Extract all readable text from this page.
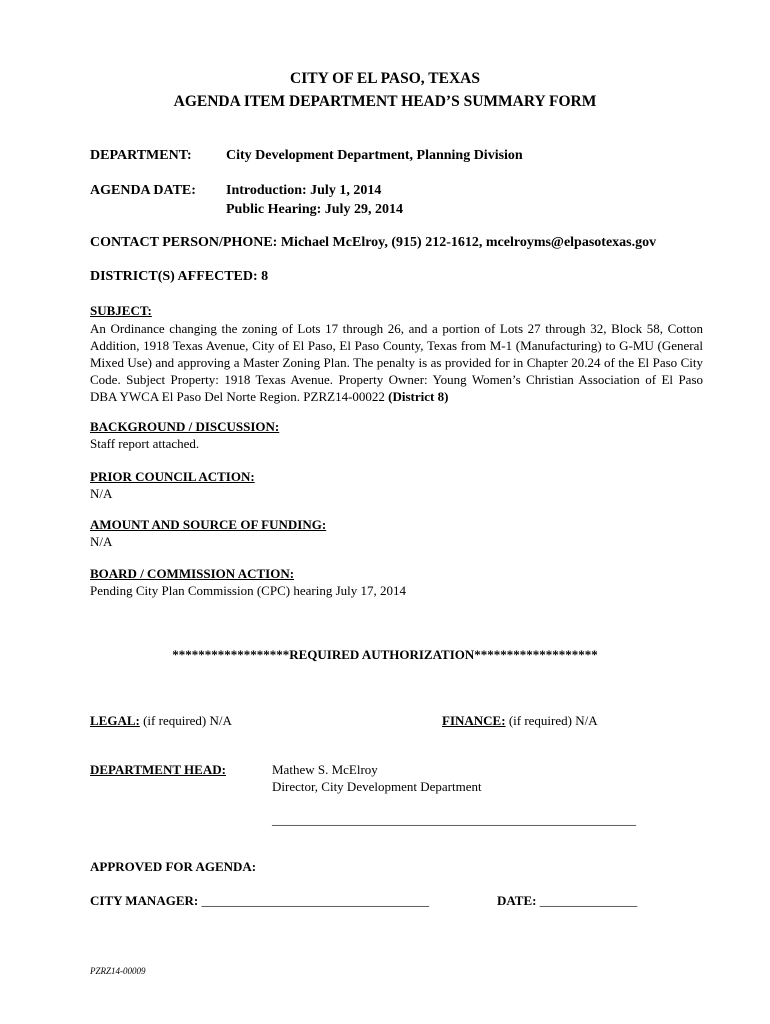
CITY OF EL PASO, TEXAS
AGENDA ITEM DEPARTMENT HEAD’S SUMMARY FORM
DEPARTMENT: City Development Department, Planning Division
AGENDA DATE: Introduction: July 1, 2014
Public Hearing: July 29, 2014
CONTACT PERSON/PHONE: Michael McElroy, (915) 212-1612, mcelroyms@elpasotexas.gov
DISTRICT(S) AFFECTED: 8
SUBJECT:
An Ordinance changing the zoning of Lots 17 through 26, and a portion of Lots 27 through 32, Block 58, Cotton Addition, 1918 Texas Avenue, City of El Paso, El Paso County, Texas from M-1 (Manufacturing) to G-MU (General Mixed Use) and approving a Master Zoning Plan. The penalty is as provided for in Chapter 20.24 of the El Paso City Code. Subject Property: 1918 Texas Avenue. Property Owner: Young Women’s Christian Association of El Paso DBA YWCA El Paso Del Norte Region. PZRZ14-00022 (District 8)
BACKGROUND / DISCUSSION:
Staff report attached.
PRIOR COUNCIL ACTION:
N/A
AMOUNT AND SOURCE OF FUNDING:
N/A
BOARD / COMMISSION ACTION:
Pending City Plan Commission (CPC) hearing July 17, 2014
******************REQUIRED AUTHORIZATION*******************
LEGAL: (if required) N/A	FINANCE: (if required) N/A
DEPARTMENT HEAD:	Mathew S. McElroy
Director, City Development Department
________________________________________________________
APPROVED FOR AGENDA:
CITY MANAGER: ___________________________________	DATE: _______________
PZRZ14-00009
